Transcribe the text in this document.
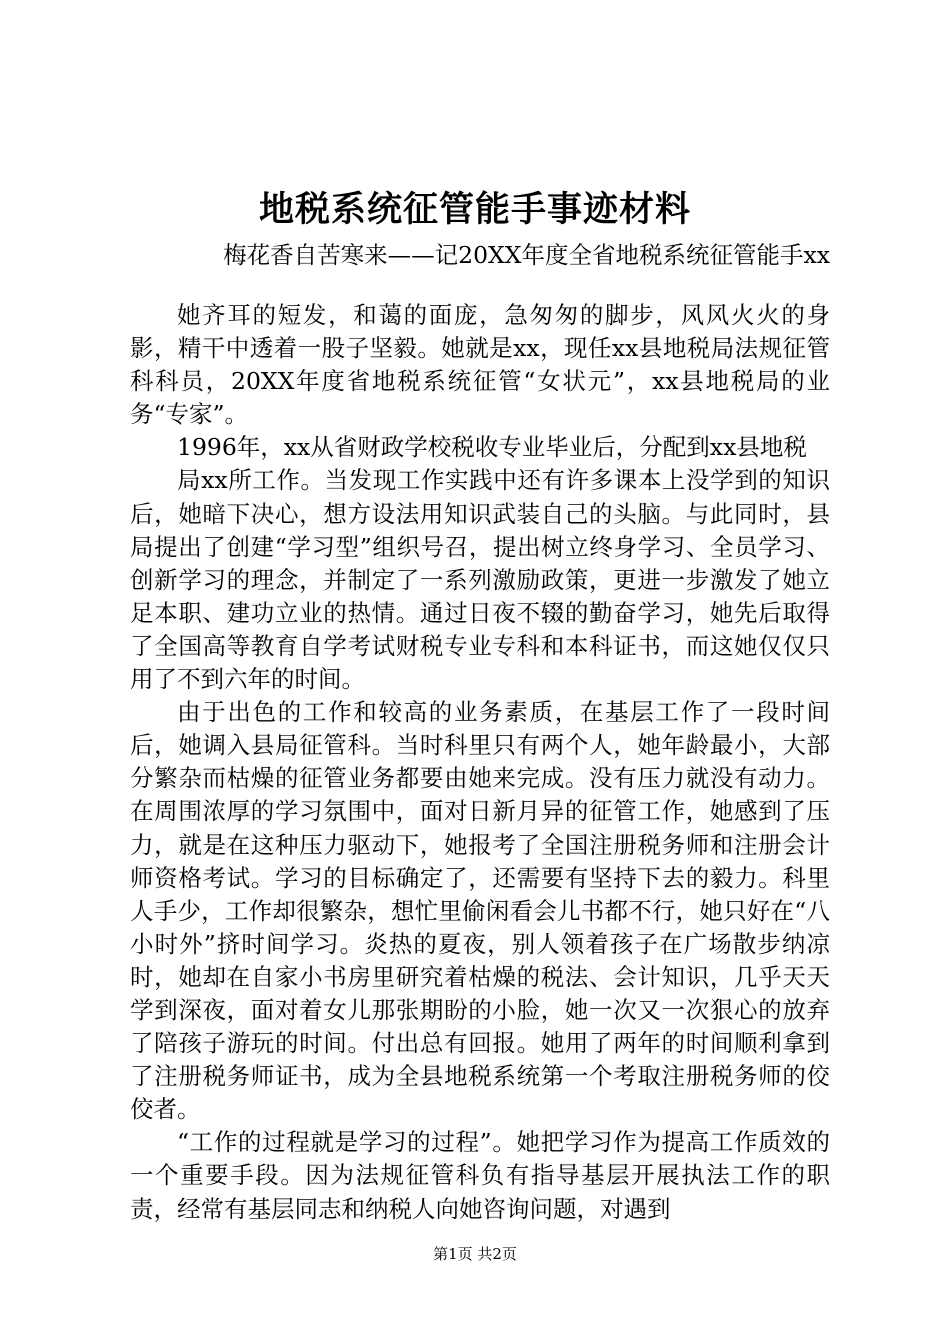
地税系统征管能手事迹材料
梅花香自苦寒来——记20XX年度全省地税系统征管能手xx

她齐耳的短发，和蔼的面庞，急匆匆的脚步，风风火火的身影，精干中透着一股子坚毅。她就是xx，现任xx县地税局法规征管科科员，20XX年度省地税系统征管“女状元”，xx县地税局的业务“专家”。

1996年，xx从省财政学校税收专业毕业后，分配到xx县地税

局xx所工作。当发现工作实践中还有许多课本上没学到的知识后，她暗下决心，想方设法用知识武装自己的头脑。与此同时，县局提出了创建“学习型”组织号召，提出树立终身学习、全员学习、创新学习的理念，并制定了一系列激励政策，更进一步激发了她立足本职、建功立业的热情。通过日夜不辍的勤奋学习，她先后取得了全国高等教育自学考试财税专业专科和本科证书，而这她仅仅只用了不到六年的时间。

由于出色的工作和较高的业务素质，在基层工作了一段时间后，她调入县局征管科。当时科里只有两个人，她年龄最小，大部分繁杂而枯燥的征管业务都要由她来完成。没有压力就没有动力。在周围浓厚的学习氛围中，面对日新月异的征管工作，她感到了压力，就是在这种压力驱动下，她报考了全国注册税务师和注册会计师资格考试。学习的目标确定了，还需要有坚持下去的毅力。科里人手少，工作却很繁杂，想忙里偷闲看会儿书都不行，她只好在“八小时外”挤时间学习。炎热的夏夜，别人领着孩子在广场散步纳凉时，她却在自家小书房里研究着枯燥的税法、会计知识，几乎天天学到深夜，面对着女儿那张期盼的小脸，她一次又一次狠心的放弃了陪孩子游玩的时间。付出总有回报。她用了两年的时间顺利拿到了注册税务师证书，成为全县地税系统第一个考取注册税务师的佼佼者。

“工作的过程就是学习的过程”。她把学习作为提高工作质效的一个重要手段。因为法规征管科负有指导基层开展执法工作的职责，经常有基层同志和纳税人向她咨询问题，对遇到

第1页 共2页
